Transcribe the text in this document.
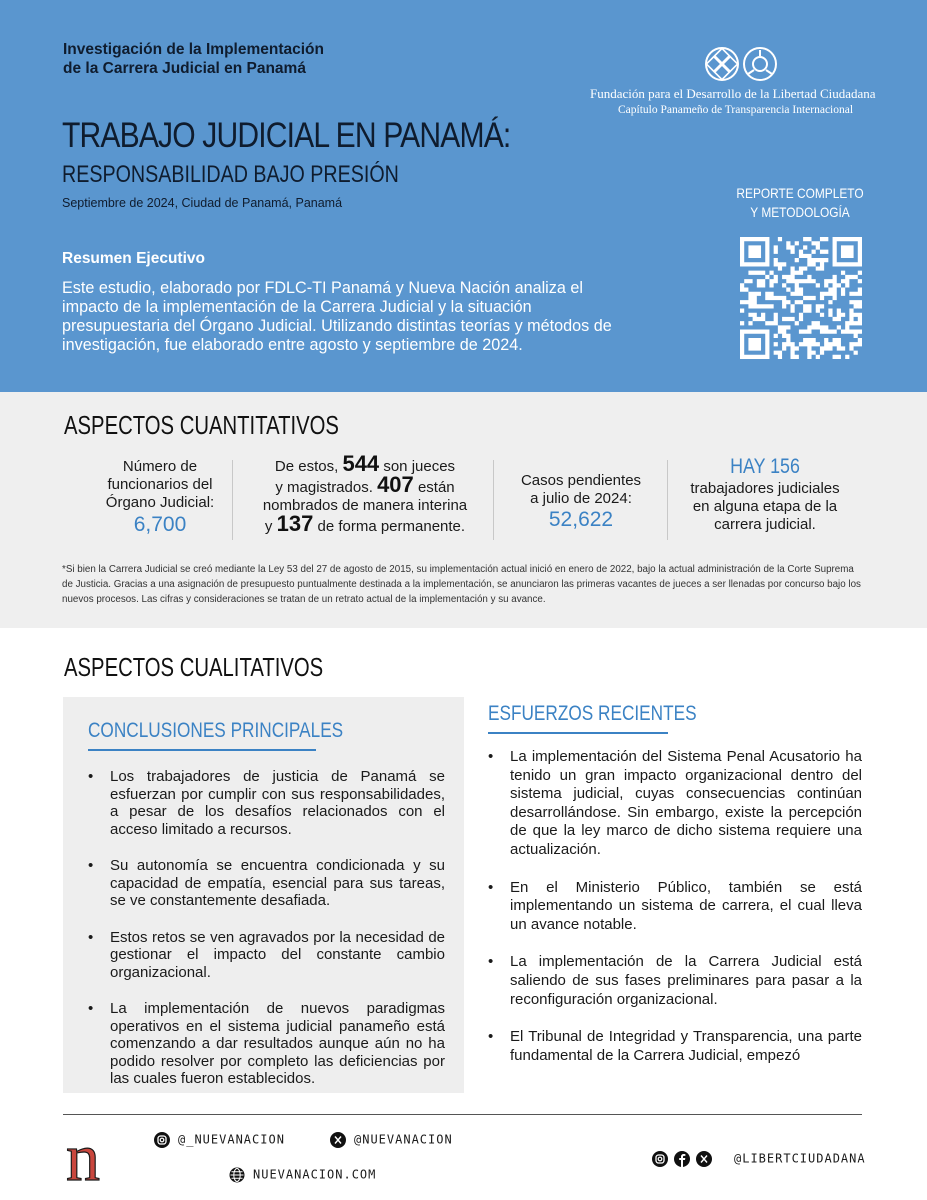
Investigación de la Implementación
de la Carrera Judicial en Panamá
TRABAJO JUDICIAL EN PANAMÁ:
RESPONSABILIDAD BAJO PRESIÓN
Septiembre de 2024, Ciudad de Panamá, Panamá
Resumen Ejecutivo
Este estudio, elaborado por FDLC-TI Panamá y Nueva Nación analiza el impacto de la implementación de la Carrera Judicial y la situación presupuestaria del Órgano Judicial. Utilizando distintas teorías y métodos de investigación, fue elaborado entre agosto y septiembre de 2024.
Fundación para el Desarrollo de la Libertad Ciudadana
Capítulo Panameño de Transparencia Internacional
REPORTE COMPLETO
Y METODOLOGÍA
ASPECTOS CUANTITATIVOS
Número de
funcionarios del
Órgano Judicial:
6,700
De estos, 544 son jueces
y magistrados. 407 están
nombrados de manera interina
y 137 de forma permanente.
Casos pendientes
a julio de 2024:
52,622
HAY 156
trabajadores judiciales
en alguna etapa de la
carrera judicial.
*Si bien la Carrera Judicial se creó mediante la Ley 53 del 27 de agosto de 2015, su implementación actual inició en enero de 2022, bajo la actual administración de la Corte Suprema de Justicia. Gracias a una asignación de presupuesto puntualmente destinada a la implementación, se anunciaron las primeras vacantes de jueces a ser llenadas por concurso bajo los nuevos procesos. Las cifras y consideraciones se tratan de un retrato actual de la implementación y su avance.
ASPECTOS CUALITATIVOS
CONCLUSIONES PRINCIPALES
• Los trabajadores de justicia de Panamá se esfuerzan por cumplir con sus responsabilidades, a pesar de los desafíos relacionados con el acceso limitado a recursos.
• Su autonomía se encuentra condicionada y su capacidad de empatía, esencial para sus tareas, se ve constantemente desafiada.
• Estos retos se ven agravados por la necesidad de gestionar el impacto del constante cambio organizacional.
• La implementación de nuevos paradigmas operativos en el sistema judicial panameño está comenzando a dar resultados aunque aún no ha podido resolver por completo las deficiencias por las cuales fueron establecidos.
ESFUERZOS RECIENTES
• La implementación del Sistema Penal Acusatorio ha tenido un gran impacto organizacional dentro del sistema judicial, cuyas consecuencias continúan desarrollándose. Sin embargo, existe la percepción de que la ley marco de dicho sistema requiere una actualización.
• En el Ministerio Público, también se está implementando un sistema de carrera, el cual lleva un avance notable.
• La implementación de la Carrera Judicial está saliendo de sus fases preliminares para pasar a la reconfiguración organizacional.
• El Tribunal de Integridad y Transparencia, una parte fundamental de la Carrera Judicial, empezó
n	@_NUEVANACION	@NUEVANACION
NUEVANACION.COM
@LIBERTCIUDADANA
